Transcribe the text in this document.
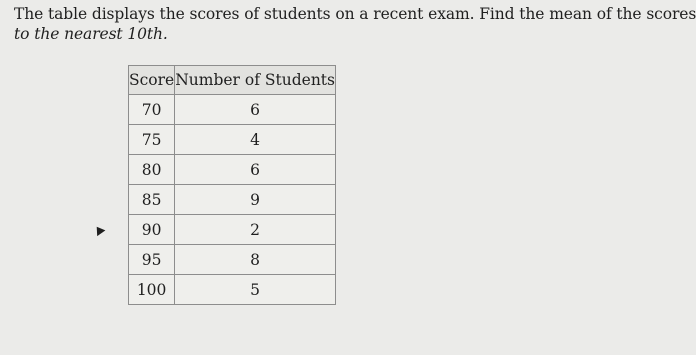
The table displays the scores of students on a recent exam. Find the mean of the scores
to the nearest 10th.
Score	Number of Students
70	6
75	4
80	6
85	9
90	2
95	8
100	5
